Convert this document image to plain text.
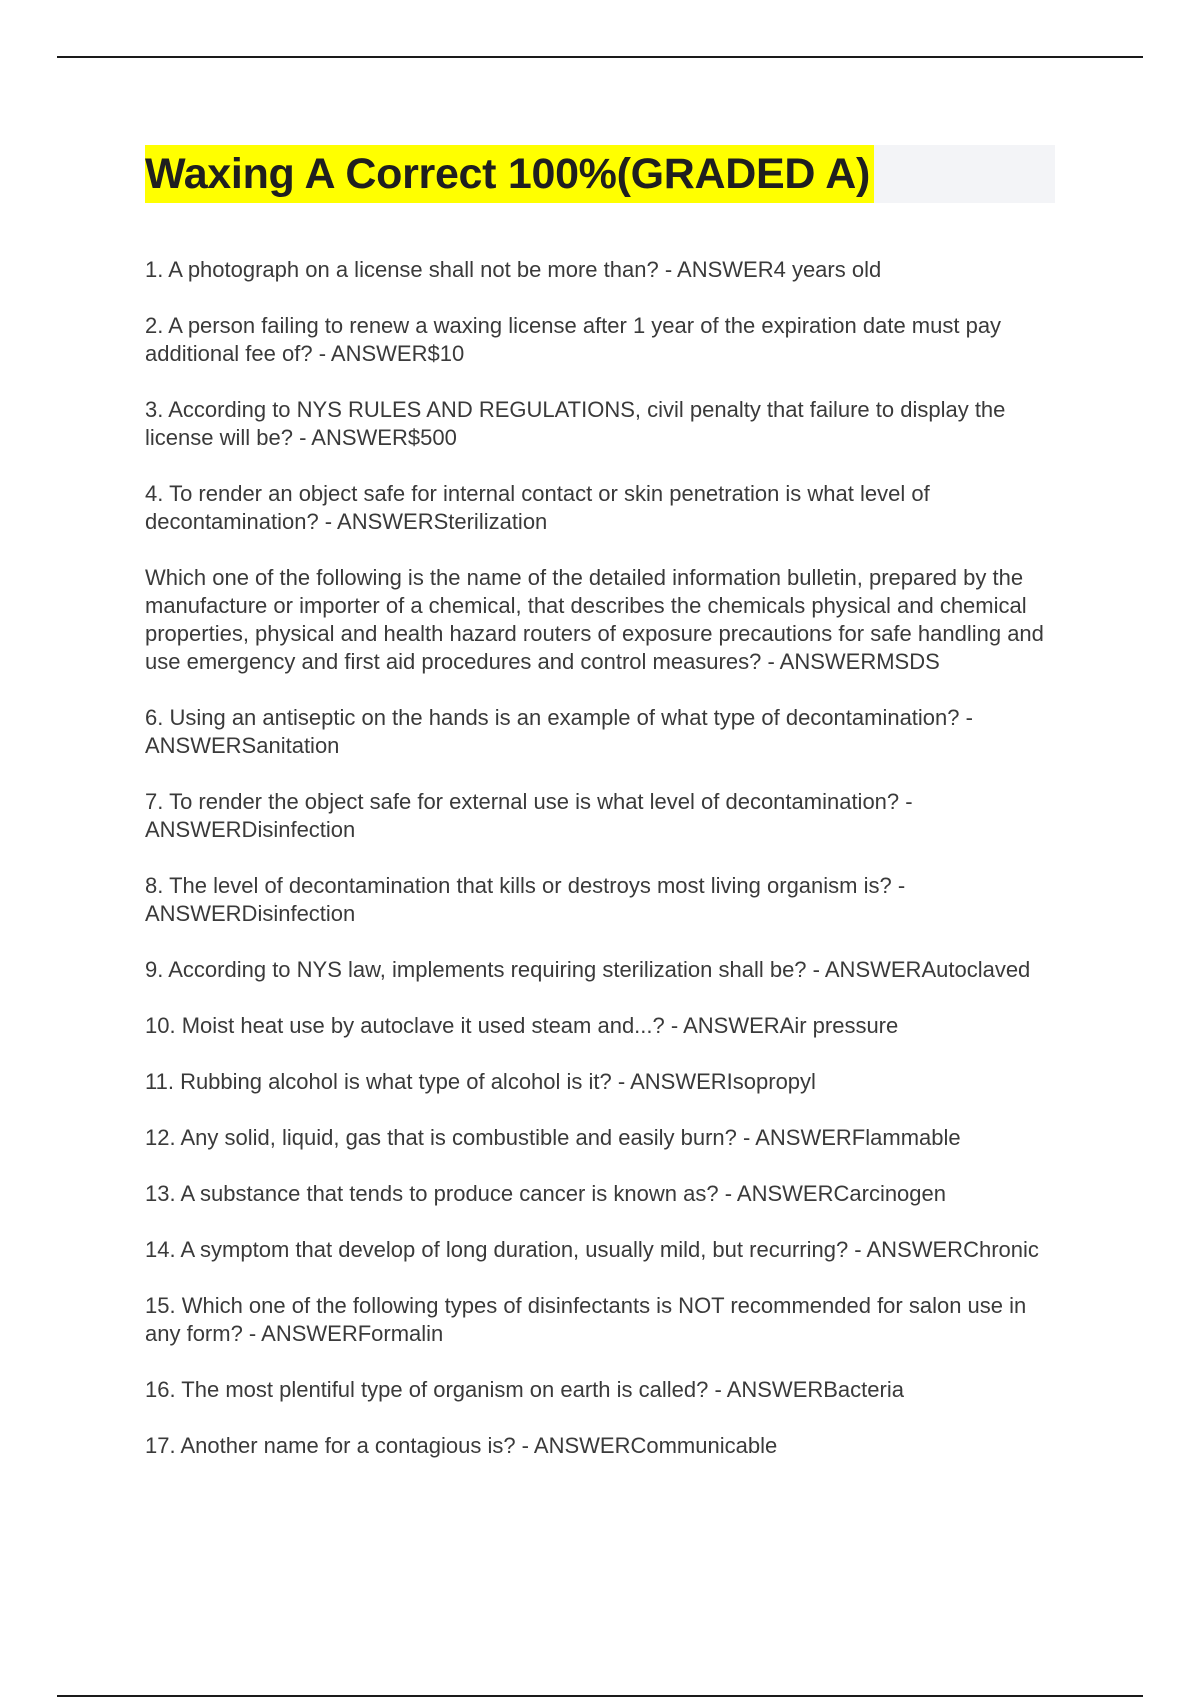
Waxing A Correct 100%(GRADED A)
1. A photograph on a license shall not be more than? - ANSWER4 years old
2. A person failing to renew a waxing license after 1 year of the expiration date must pay additional fee of? - ANSWER$10
3. According to NYS RULES AND REGULATIONS, civil penalty that failure to display the license will be? - ANSWER$500
4. To render an object safe for internal contact or skin penetration is what level of decontamination? - ANSWERSterilization
Which one of the following is the name of the detailed information bulletin, prepared by the manufacture or importer of a chemical, that describes the chemicals physical and chemical properties, physical and health hazard routers of exposure precautions for safe handling and use emergency and first aid procedures and control measures? - ANSWERMSDS
6. Using an antiseptic on the hands is an example of what type of decontamination? - ANSWERSanitation
7. To render the object safe for external use is what level of decontamination? - ANSWERDisinfection
8. The level of decontamination that kills or destroys most living organism is? - ANSWERDisinfection
9. According to NYS law, implements requiring sterilization shall be? - ANSWERAutoclaved
10. Moist heat use by autoclave it used steam and...? - ANSWERAir pressure
11. Rubbing alcohol is what type of alcohol is it? - ANSWERIsopropyl
12. Any solid, liquid, gas that is combustible and easily burn? - ANSWERFlammable
13. A substance that tends to produce cancer is known as? - ANSWERCarcinogen
14. A symptom that develop of long duration, usually mild, but recurring? - ANSWERChronic
15. Which one of the following types of disinfectants is NOT recommended for salon use in any form? - ANSWERFormalin
16. The most plentiful type of organism on earth is called? - ANSWERBacteria
17. Another name for a contagious is? - ANSWERCommunicable
